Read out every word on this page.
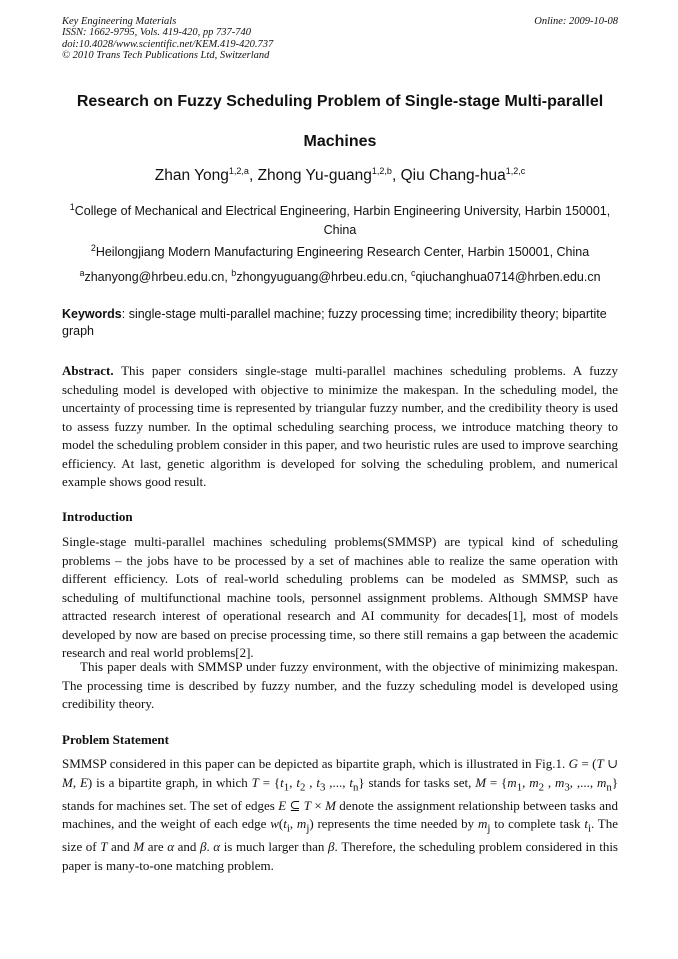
Key Engineering Materials
ISSN: 1662-9795, Vols. 419-420, pp 737-740
doi:10.4028/www.scientific.net/KEM.419-420.737
© 2010 Trans Tech Publications Ltd, Switzerland
Online: 2009-10-08
Research on Fuzzy Scheduling Problem of Single-stage Multi-parallel
Machines
Zhan Yong$^{1,2,a}$, Zhong Yu-guang$^{1,2,b}$, Qiu Chang-hua$^{1,2,c}$
$^1$College of Mechanical and Electrical Engineering, Harbin Engineering University, Harbin 150001, China
$^2$Heilongjiang Modern Manufacturing Engineering Research Center, Harbin 150001, China
$^a$zhanyong@hrbeu.edu.cn, $^b$zhongyuguang@hrbeu.edu.cn, $^c$qiuchanghua0714@hrben.edu.cn
Keywords: single-stage multi-parallel machine; fuzzy processing time; incredibility theory; bipartite graph
Abstract. This paper considers single-stage multi-parallel machines scheduling problems. A fuzzy scheduling model is developed with objective to minimize the makespan. In the scheduling model, the uncertainty of processing time is represented by triangular fuzzy number, and the credibility theory is used to assess fuzzy number. In the optimal scheduling searching process, we introduce matching theory to model the scheduling problem consider in this paper, and two heuristic rules are used to improve searching efficiency. At last, genetic algorithm is developed for solving the scheduling problem, and numerical example shows good result.
Introduction
Single-stage multi-parallel machines scheduling problems(SMMSP) are typical kind of scheduling problems – the jobs have to be processed by a set of machines able to realize the same operation with different efficiency. Lots of real-world scheduling problems can be modeled as SMMSP, such as scheduling of multifunctional machine tools, personnel assignment problems. Although SMMSP have attracted research interest of operational research and AI community for decades[1], most of models developed by now are based on precise processing time, so there still remains a gap between the academic research and real world problems[2].
This paper deals with SMMSP under fuzzy environment, with the objective of minimizing makespan. The processing time is described by fuzzy number, and the fuzzy scheduling model is developed using credibility theory.
Problem Statement
SMMSP considered in this paper can be depicted as bipartite graph, which is illustrated in Fig.1. G = (T ∪ M, E) is a bipartite graph, in which $T = \{t_1$, $t_2$ , $t_3$ ,..., $t_n$} stands for tasks set, $M = \{m_1$, $m_2$ , $m_3$, ,..., $m_n$} stands for machines set. The set of edges E ⊆ T × M denote the assignment relationship between tasks and machines, and the weight of each edge $w(t_i$, $m_j$) represents the time needed by $m_j$ to complete task $t_i$. The size of T and M are α and β. α is much larger than β. Therefore, the scheduling problem considered in this paper is many-to-one matching problem.
